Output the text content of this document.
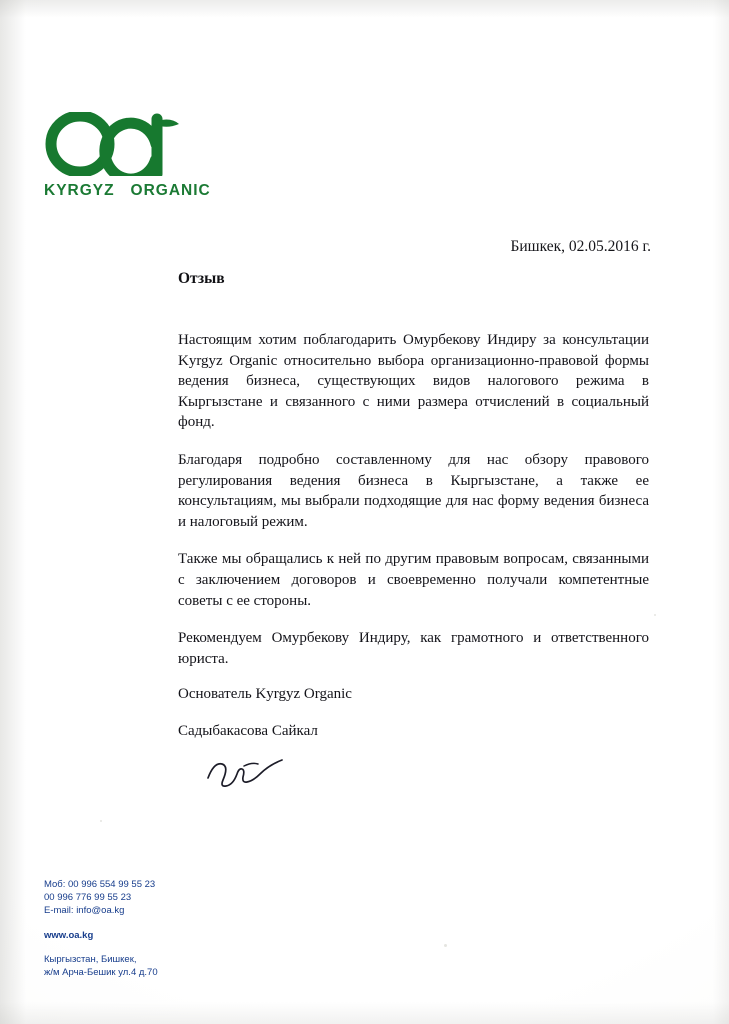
KYRGYZ ORGANIC
Бишкек, 02.05.2016 г.
Отзыв

Настоящим хотим поблагодарить Омурбекову Индиру за консультации Kyrgyz Organic относительно выбора организационно-правовой формы ведения бизнеса, существующих видов налогового режима в Кыргызстане и связанного с ними размера отчислений в социальный фонд.

Благодаря подробно составленному для нас обзору правового регулирования ведения бизнеса в Кыргызстане, а также ее консультациям, мы выбрали подходящие для нас форму ведения бизнеса и налоговый режим.

Также мы обращались к ней по другим правовым вопросам, связанными с заключением договоров и своевременно получали компетентные советы с ее стороны.

Рекомендуем Омурбекову Индиру, как грамотного и ответственного юриста.

Основатель Kyrgyz Organic
Садыбакасова Сайкал
Моб: 00 996 554 99 55 23
00 996 776 99 55 23
E-mail: info@oa.kg
www.oa.kg
Кыргызстан, Бишкек,
ж/м Арча-Бешик ул.4 д.70
